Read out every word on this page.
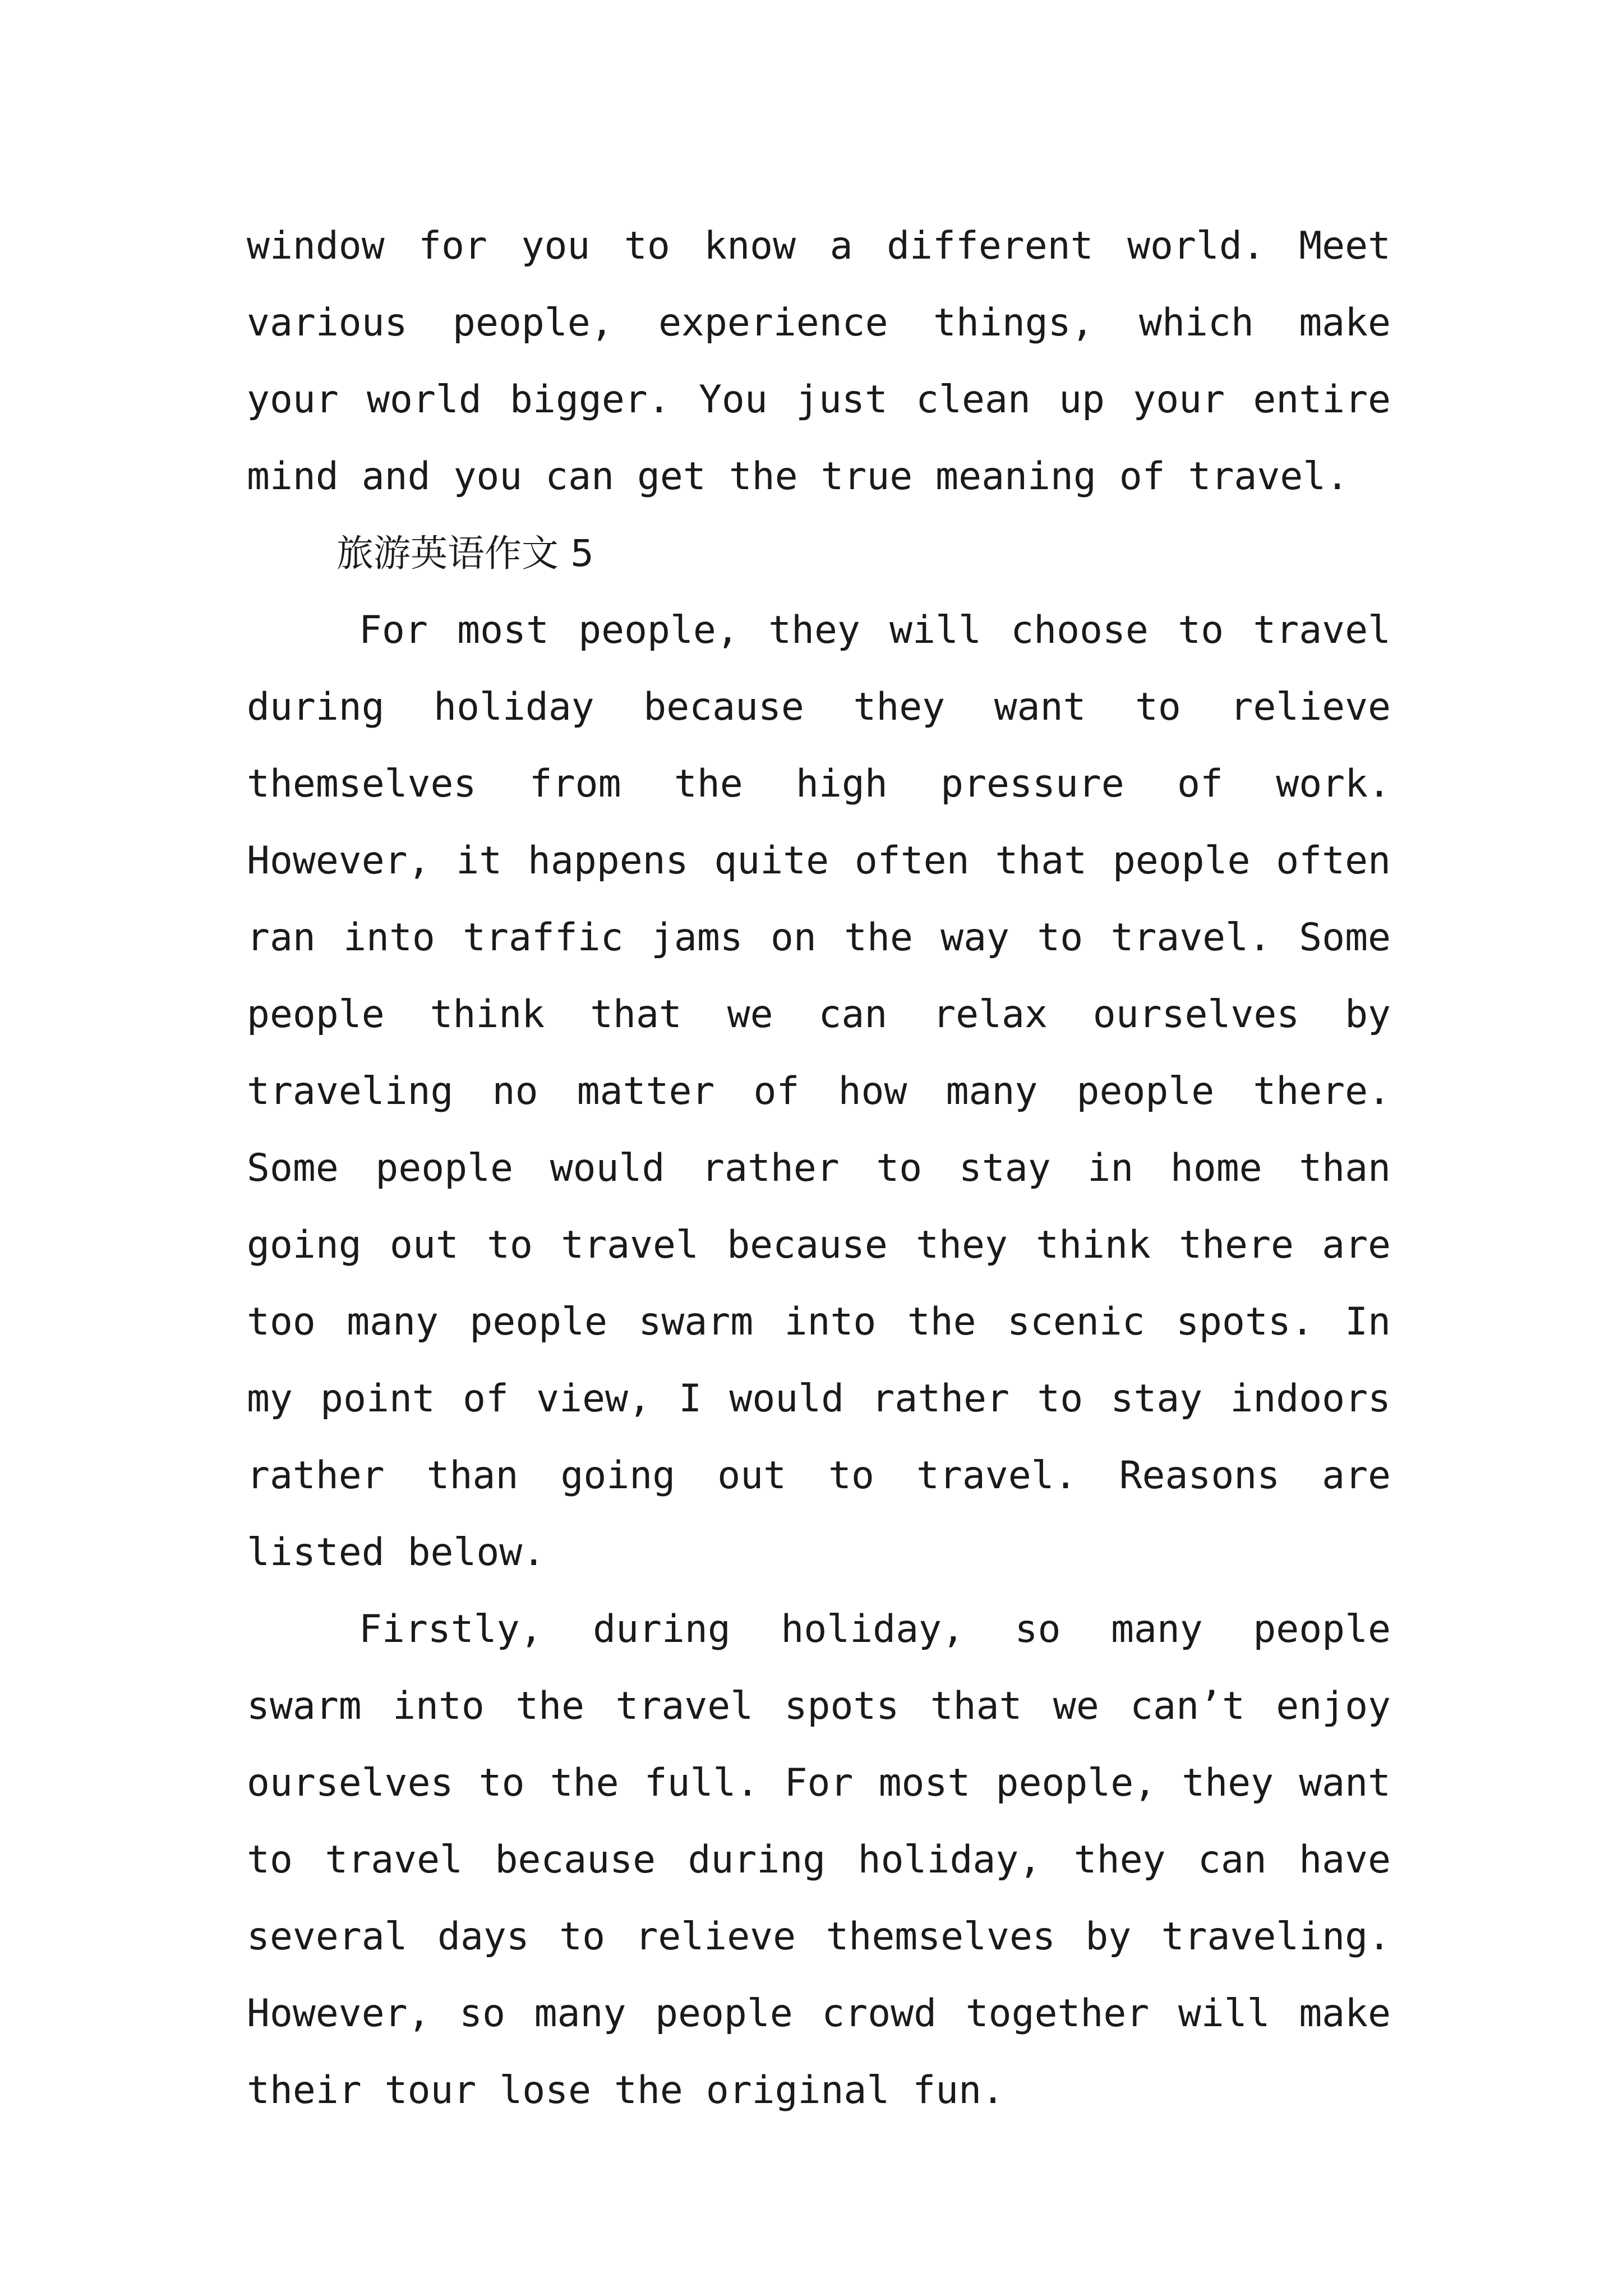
window for you to know a different world. Meet various people, experience things, which make your world bigger. You just clean up your entire mind and you can get the true meaning of travel.

旅游英语作文 5

For most people, they will choose to travel during holiday because they want to relieve themselves from the high pressure of work. However, it happens quite often that people often ran into traffic jams on the way to travel. Some people think that we can relax ourselves by traveling no matter of how many people there. Some people would rather to stay in home than going out to travel because they think there are too many people swarm into the scenic spots. In my point of view, I would rather to stay indoors rather than going out to travel. Reasons are listed below.

Firstly, during holiday, so many people swarm into the travel spots that we can’t enjoy ourselves to the full. For most people, they want to travel because during holiday, they can have several days to relieve themselves by traveling. However, so many people crowd together will make their tour lose the original fun.
